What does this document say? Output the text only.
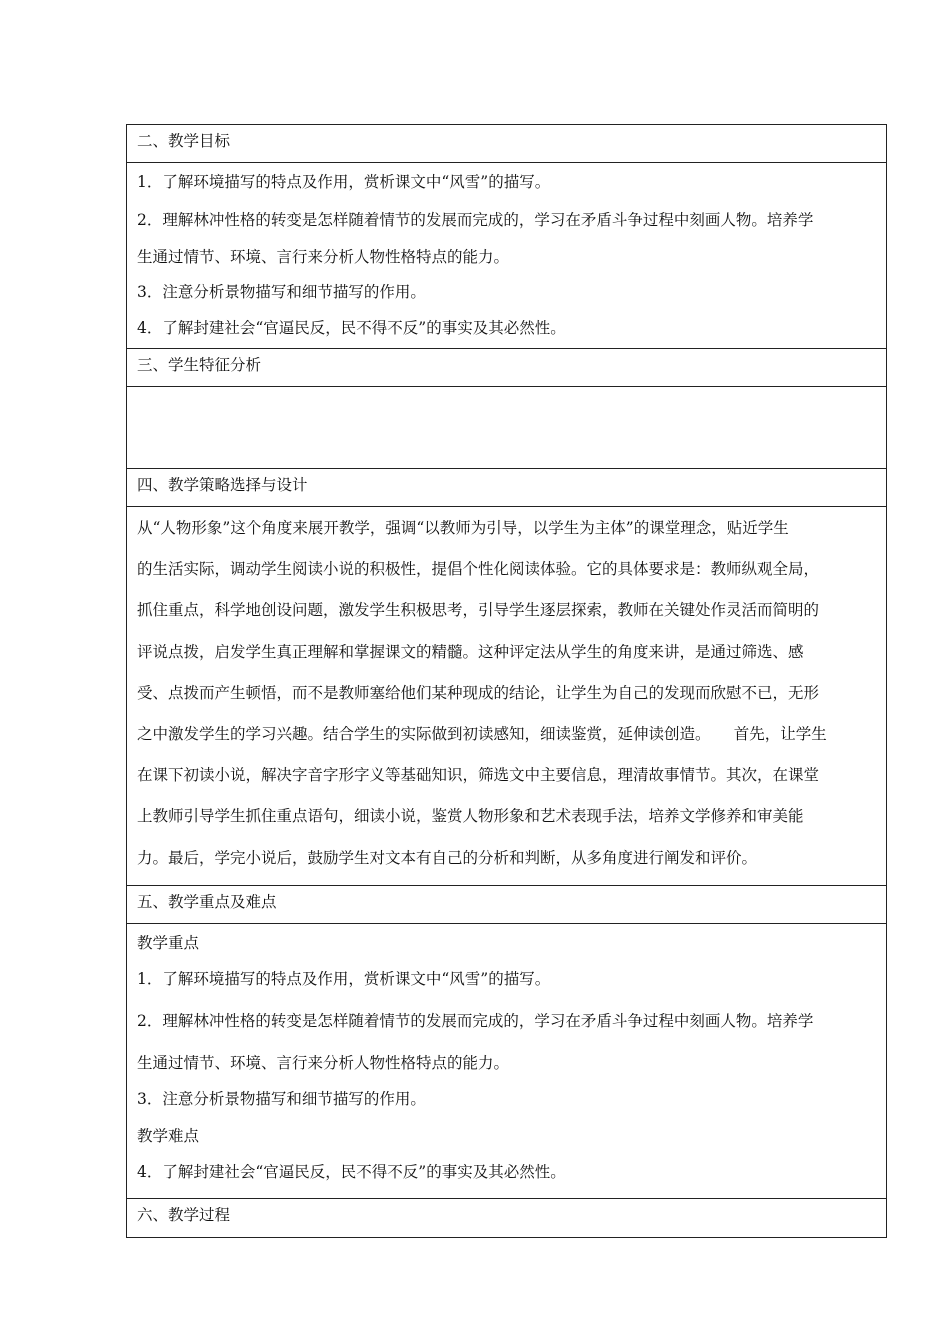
二、教学目标

1．了解环境描写的特点及作用，赏析课文中“风雪”的描写。

2．理解林冲性格的转变是怎样随着情节的发展而完成的，学习在矛盾斗争过程中刻画人物。培养学

生通过情节、环境、言行来分析人物性格特点的能力。

3．注意分析景物描写和细节描写的作用。

4．了解封建社会“官逼民反，民不得不反”的事实及其必然性。

三、学生特征分析
四、教学策略选择与设计

从“人物形象”这个角度来展开教学，强调“以教师为引导，以学生为主体”的课堂理念，贴近学生

的生活实际，调动学生阅读小说的积极性，提倡个性化阅读体验。它的具体要求是：教师纵观全局，

抓住重点，科学地创设问题，激发学生积极思考，引导学生逐层探索，教师在关键处作灵活而简明的

评说点拨，启发学生真正理解和掌握课文的精髓。这种评定法从学生的角度来讲，是通过筛选、感

受、点拨而产生顿悟，而不是教师塞给他们某种现成的结论，让学生为自己的发现而欣慰不已，无形

之中激发学生的学习兴趣。结合学生的实际做到初读感知，细读鉴赏，延伸读创造。　　首先，让学生

在课下初读小说，解决字音字形字义等基础知识，筛选文中主要信息，理清故事情节。其次，在课堂

上教师引导学生抓住重点语句，细读小说，鉴赏人物形象和艺术表现手法，培养文学修养和审美能

力。最后，学完小说后，鼓励学生对文本有自己的分析和判断，从多角度进行阐发和评价。

五、教学重点及难点

教学重点

1．了解环境描写的特点及作用，赏析课文中“风雪”的描写。

2．理解林冲性格的转变是怎样随着情节的发展而完成的，学习在矛盾斗争过程中刻画人物。培养学

生通过情节、环境、言行来分析人物性格特点的能力。

3．注意分析景物描写和细节描写的作用。

教学难点

4．了解封建社会“官逼民反，民不得不反”的事实及其必然性。

六、教学过程
